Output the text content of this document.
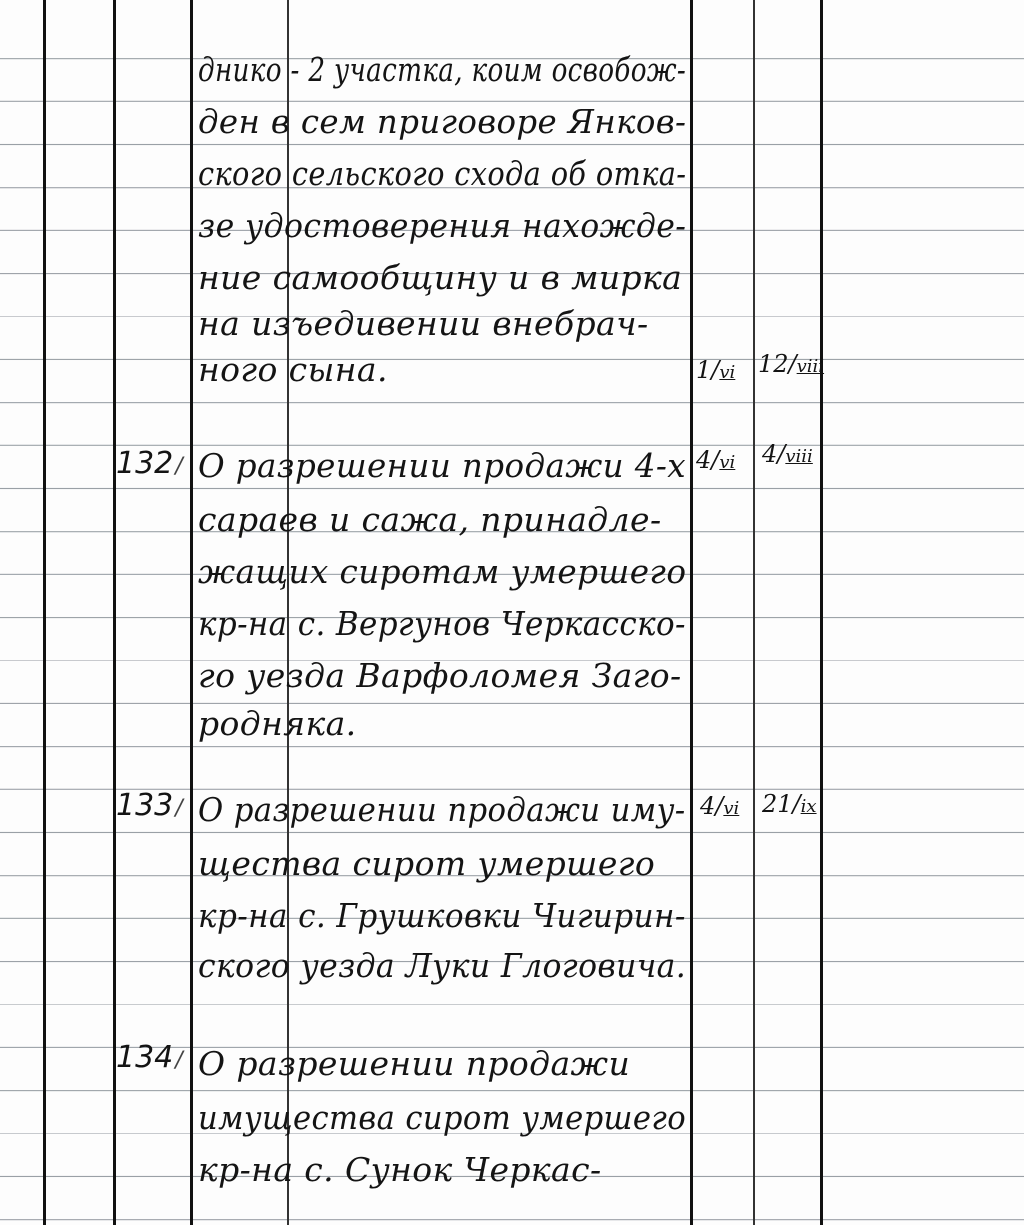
днико - 2 участка, коим освобож-
ден в сем приговоре Янков-
ского сельского схода об отка-
зе удостоверения нахожде-
ние самообщину и в мирка
на изъедивении внебрач-
ного сына.	1/vi 12/viii
132/ О разрешении продажи 4-х
сараев и сажа, принадле-
жащих сиротам умершего
кр-на с. Вергунов Черкасско-
го уезда Варфоломея Заго-
родняка.
4/vi 4/viii
133/ О разрешении продажи иму-
щества сирот умершего
кр-на с. Грушковки Чигирин-
ского уезда Луки Глоговича.
4/vi 21/ix
134/ О разрешении продажи
имущества сирот умершего
кр-на с. Сунок Черкас-
